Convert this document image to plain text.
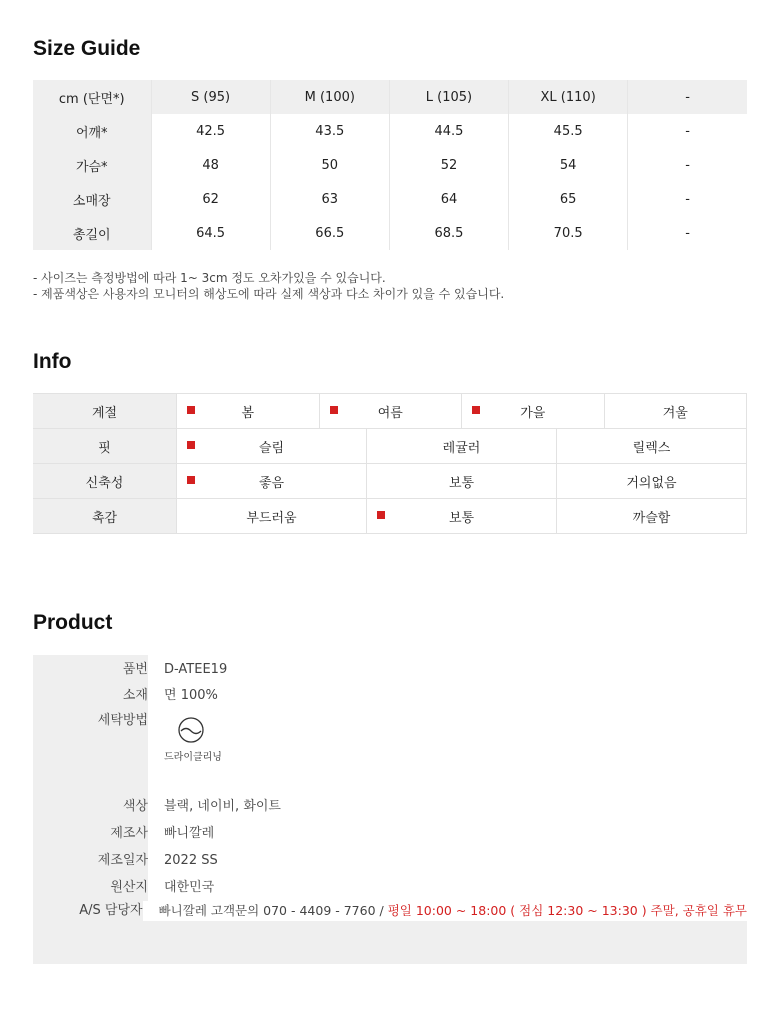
Size Guide
cm (단면*)	S (95)	M (100)	L (105)	XL (110)	-
어깨*	42.5	43.5	44.5	45.5	-
가슴*	48	50	52	54	-
소매장	62	63	64	65	-
총길이	64.5	66.5	68.5	70.5	-
- 사이즈는 측정방법에 따라 1~ 3cm 정도 오차가있을 수 있습니다.
- 제품색상은 사용자의 모니터의 해상도에 따라 실제 색상과 다소 차이가 있을 수 있습니다.
Info
계절	봄	여름	가을	겨울
핏	슬림	레귤러	릴렉스
신축성	좋음	보통	거의없음
촉감	부드러움	보통	까슬함
Product
품번	D-ATEE19
소재	면 100%
세탁방법
드라이클리닝
색상	블랙, 네이비, 화이트
제조사	빠니깔레
제조일자	2022 SS
원산지	대한민국
A/S 담당자	빠니깔레 고객문의 070 - 4409 - 7760 / 평일 10:00 ~ 18:00 ( 점심 12:30 ~ 13:30 ) 주말, 공휴일 휴무
